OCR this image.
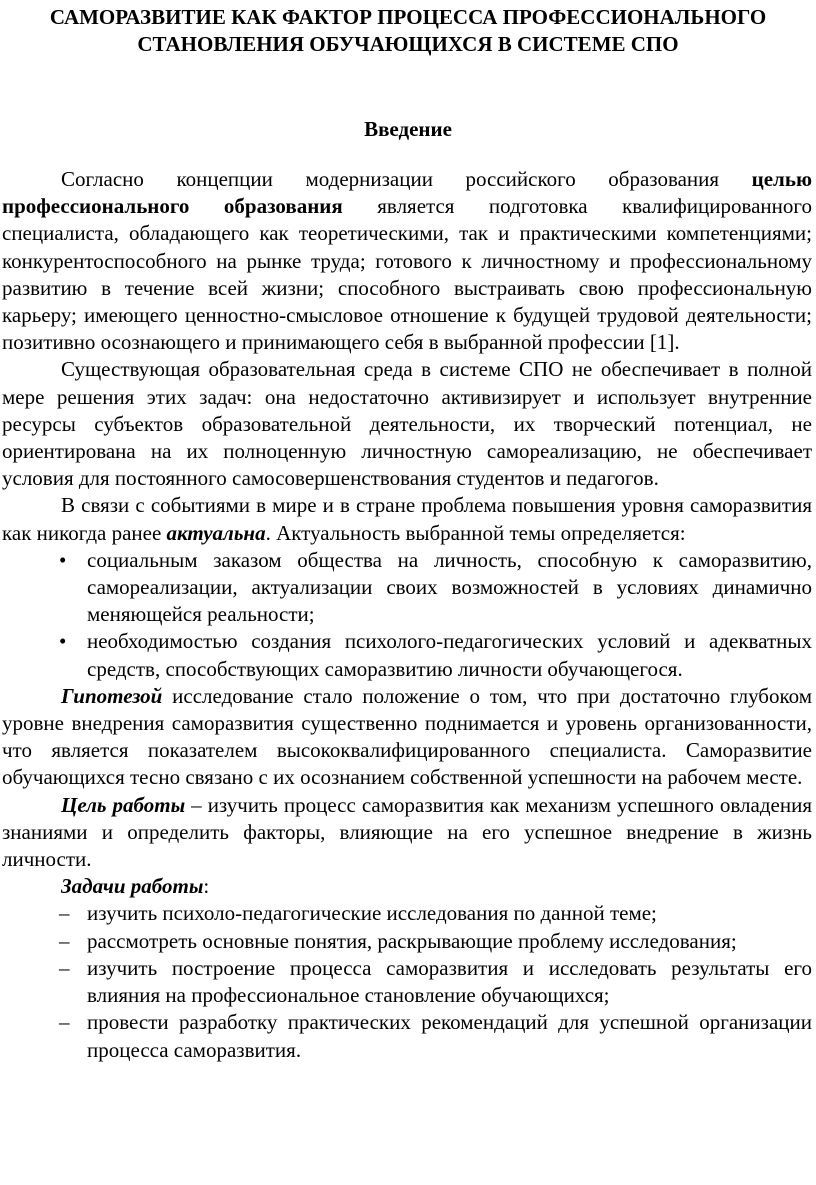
САМОРАЗВИТИЕ КАК ФАКТОР ПРОЦЕССА ПРОФЕССИОНАЛЬНОГО
СТАНОВЛЕНИЯ ОБУЧАЮЩИХСЯ В СИСТЕМЕ СПО
Введение

Согласно концепции модернизации российского образования целью профессионального образования является подготовка квалифицированного специалиста, обладающего как теоретическими, так и практическими компетенциями; конкурентоспособного на рынке труда; готового к личностному и профессиональному развитию в течение всей жизни; способного выстраивать свою профессиональную карьеру; имеющего ценностно-смысловое отношение к будущей трудовой деятельности; позитивно осознающего и принимающего себя в выбранной профессии [1].

Существующая образовательная среда в системе СПО не обеспечивает в полной мере решения этих задач: она недостаточно активизирует и использует внутренние ресурсы субъектов образовательной деятельности, их творческий потенциал, не ориентирована на их полноценную личностную самореализацию, не обеспечивает условия для постоянного самосовершенствования студентов и педагогов.

В связи с событиями в мире и в стране проблема повышения уровня саморазвития как никогда ранее актуальна. Актуальность выбранной темы определяется:

• социальным заказом общества на личность, способную к саморазвитию, самореализации, актуализации своих возможностей в условиях динамично меняющейся реальности;
• необходимостью создания психолого-педагогических условий и адекватных средств, способствующих саморазвитию личности обучающегося.

Гипотезой исследование стало положение о том, что при достаточно глубоком уровне внедрения саморазвития существенно поднимается и уровень организованности, что является показателем высококвалифицированного специалиста. Саморазвитие обучающихся тесно связано с их осознанием собственной успешности на рабочем месте.

Цель работы – изучить процесс саморазвития как механизм успешного овладения знаниями и определить факторы, влияющие на его успешное внедрение в жизнь личности.

Задачи работы:

– изучить психоло-педагогические исследования по данной теме;
– рассмотреть основные понятия, раскрывающие проблему исследования;
– изучить построение процесса саморазвития и исследовать результаты его влияния на профессиональное становление обучающихся;
– провести разработку практических рекомендаций для успешной организации процесса саморазвития.
